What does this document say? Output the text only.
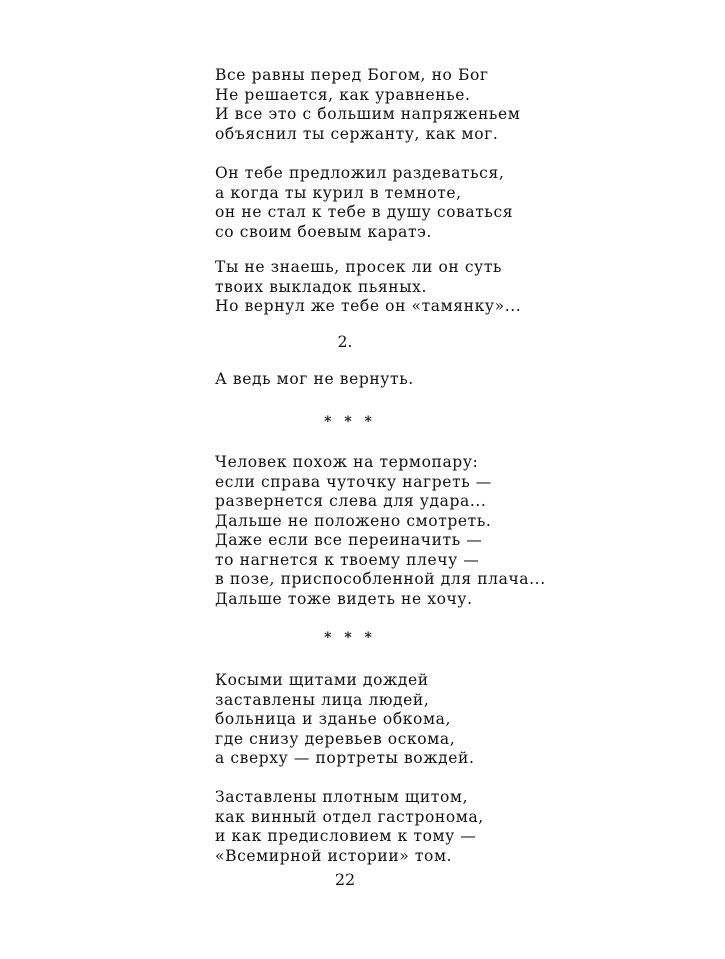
Все равны перед Богом, но Бог
Не решается, как уравненье.
И все это с большим напряженьем
объяснил ты сержанту, как мог.
Он тебе предложил раздеваться,
а когда ты курил в темноте,
он не стал к тебе в душу соваться
со своим боевым каратэ.
Ты не знаешь, просек ли он суть
твоих выкладок пьяных.
Но вернул же тебе он «тамянку»...
2.
А ведь мог не вернуть.
* * *
Человек похож на термопару:
если справа чуточку нагреть —
развернется слева для удара...
Дальше не положено смотреть.
Даже если все переиначить —
то нагнется к твоему плечу —
в позе, приспособленной для плача...
Дальше тоже видеть не хочу.
* * *
Косыми щитами дождей
заставлены лица людей,
больница и зданье обкома,
где снизу деревьев оскома,
а сверху — портреты вождей.
Заставлены плотным щитом,
как винный отдел гастронома,
и как предисловием к тому —
«Всемирной истории» том.
22
